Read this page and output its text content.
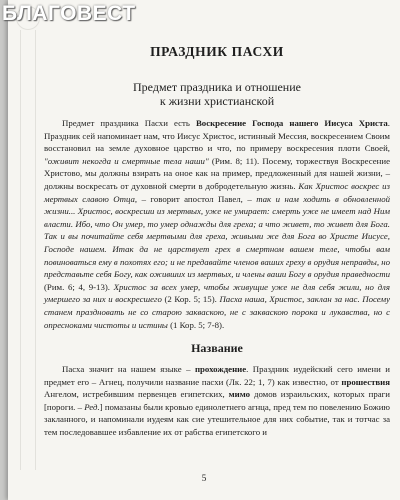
БЛАГОВЕСТ
ПРАЗДНИК ПАСХИ
Предмет праздника и отношение
к жизни христианской

Предмет праздника Пасхи есть Воскресение Господа нашего Иисуса Христа. Праздник сей напоминает нам, что Иисус Христос, истинный Мессия, воскресением Своим восстановил на земле духовное царство и что, по примеру воскресения плоти Своей, "оживит некогда и смертные тела наши" (Рим. 8; 11). Посему, торжествуя Воскресение Христово, мы должны взирать на оное как на пример, предложенный для нашей жизни, – должны воскресать от духовной смерти в добродетельную жизнь. Как Христос воскрес из мертвых славою Отца, – говорит апостол Павел, – так и нам ходить в обновленной жизни... Христос, воскресши из мертвых, уже не умирает: смерть уже не имеет над Ним власти. Ибо, что Он умер, то умер однажды для греха; а что живет, то живет для Бога. Так и вы почитайте себя мертвыми для греха, живыми же для Бога во Христе Иисусе, Господе нашем. Итак да не царствует грех в смертном вашем теле, чтобы вам повиноваться ему в похотях его; и не предавайте членов ваших греху в орудия неправды, но представьте себя Богу, как оживших из мертвых, и члены ваши Богу в орудия праведности (Рим. 6; 4, 9-13). Христос за всех умер, чтобы живущие уже не для себя жили, но для умершего за них и воскресшего (2 Кор. 5; 15). Пасха наша, Христос, заклан за нас. Посему станем праздновать не со старою закваскою, не с закваскою порока и лукавства, но с опресноками чистоты и истины (1 Кор. 5; 7-8).

Название

Пасха значит на нашем языке – прохождение. Праздник иудейский сего имени и предмет его – Агнец, получили название пасхи (Лк. 22; 1, 7) как известно, от прошествия Ангелом, истребившим первенцев египетских, мимо домов израильских, которых праги [пороги. – Ред.] помазаны были кровью единолетнего агнца, пред тем по повелению Божию закланного, и напоминали иудеям как сие утешительное для них событие, так и тотчас за тем последовавшее избавление их от рабства египетского и

5
